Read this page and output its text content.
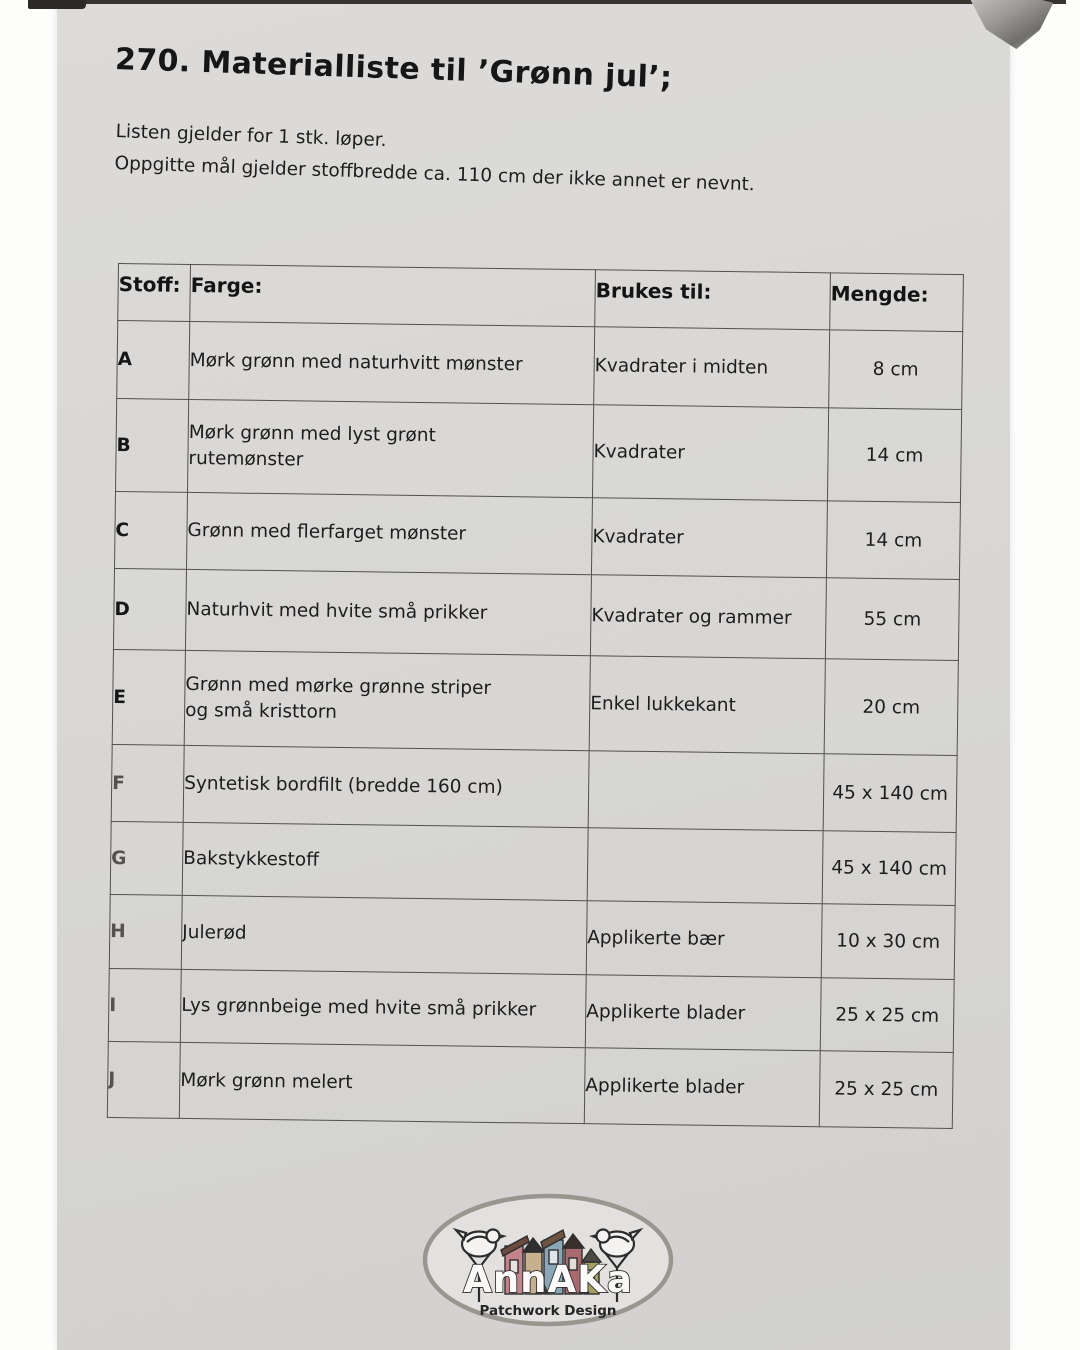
270. Materialliste til ’Grønn jul’;

Listen gjelder for 1 stk. løper.

Oppgitte mål gjelder stoffbredde ca. 110 cm der ikke annet er nevnt.

Stoff:	Farge:	Brukes til:	Mengde:
A	Mørk grønn med naturhvitt mønster	Kvadrater i midten	8 cm
B	Mørk grønn med lyst grønt
rutemønster	Kvadrater	14 cm
C	Grønn med flerfarget mønster	Kvadrater	14 cm
D	Naturhvit med hvite små prikker	Kvadrater og rammer	55 cm
E	Grønn med mørke grønne striper
og små kristtorn	Enkel lukkekant	20 cm
F	Syntetisk bordfilt (bredde 160 cm)		45 x 140 cm
G	Bakstykkestoff		45 x 140 cm
H	Julerød	Applikerte bær	10 x 30 cm
I	Lys grønnbeige med hvite små prikker	Applikerte blader	25 x 25 cm
J	Mørk grønn melert	Applikerte blader	25 x 25 cm
AnnAKa
Patchwork Design
